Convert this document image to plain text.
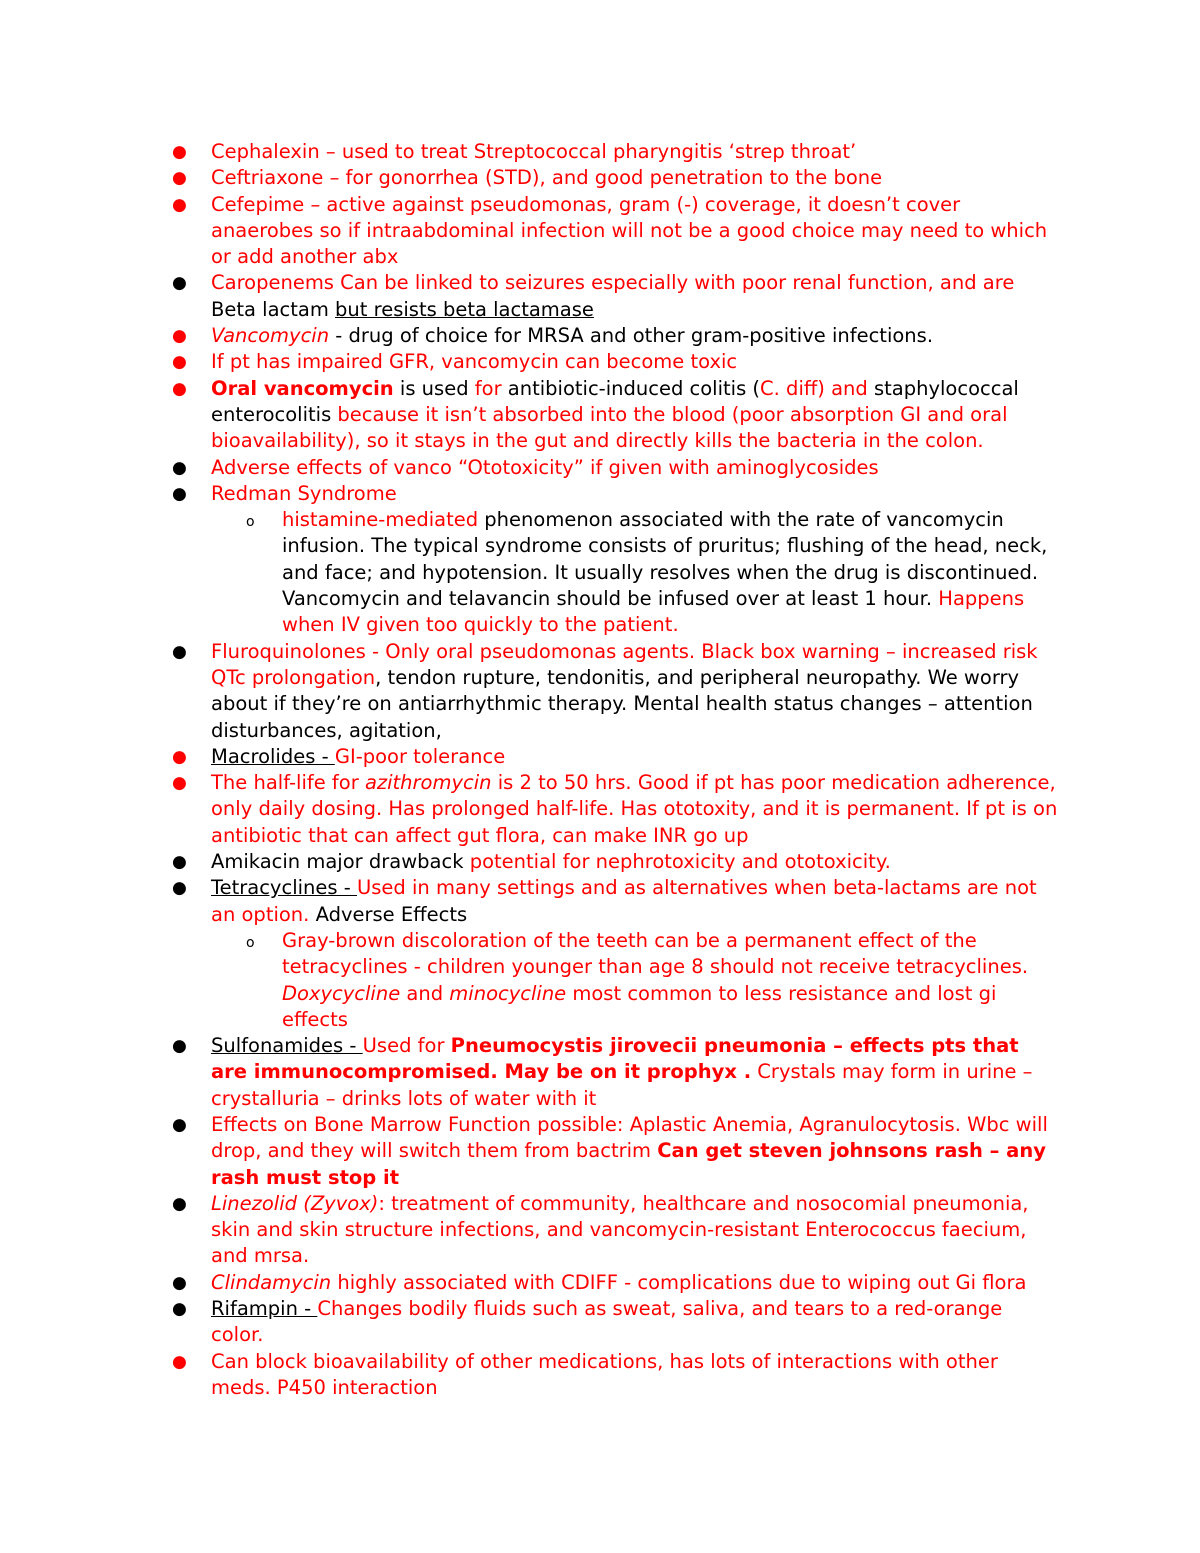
● Cephalexin – used to treat Streptococcal pharyngitis ‘strep throat’
● Ceftriaxone – for gonorrhea (STD), and good penetration to the bone
● Cefepime – active against pseudomonas, gram (-) coverage, it doesn’t cover anaerobes so if intraabdominal infection will not be a good choice may need to which or add another abx
● Caropenems Can be linked to seizures especially with poor renal function, and are Beta lactam but resists beta lactamase
● Vancomycin - drug of choice for MRSA and other gram-positive infections.
● If pt has impaired GFR, vancomycin can become toxic
● Oral vancomycin is used for antibiotic-induced colitis (C. diff) and staphylococcal enterocolitis because it isn’t absorbed into the blood (poor absorption GI and oral bioavailability), so it stays in the gut and directly kills the bacteria in the colon.
● Adverse effects of vanco “Ototoxicity” if given with aminoglycosides
● Redman Syndrome
o histamine-mediated phenomenon associated with the rate of vancomycin infusion. The typical syndrome consists of pruritus; flushing of the head, neck, and face; and hypotension. It usually resolves when the drug is discontinued. Vancomycin and telavancin should be infused over at least 1 hour. Happens when IV given too quickly to the patient.
● Fluroquinolones - Only oral pseudomonas agents. Black box warning – increased risk QTc prolongation, tendon rupture, tendonitis, and peripheral neuropathy. We worry about if they’re on antiarrhythmic therapy. Mental health status changes – attention disturbances, agitation,
● Macrolides - GI-poor tolerance
● The half-life for azithromycin is 2 to 50 hrs. Good if pt has poor medication adherence, only daily dosing. Has prolonged half-life. Has ototoxity, and it is permanent. If pt is on antibiotic that can affect gut flora, can make INR go up
● Amikacin major drawback potential for nephrotoxicity and ototoxicity.
● Tetracyclines - Used in many settings and as alternatives when beta-lactams are not an option. Adverse Effects
o Gray-brown discoloration of the teeth can be a permanent effect of the tetracyclines - children younger than age 8 should not receive tetracyclines. Doxycycline and minocycline most common to less resistance and lost gi effects
● Sulfonamides - Used for Pneumocystis jirovecii pneumonia – effects pts that are immunocompromised. May be on it prophyx . Crystals may form in urine – crystalluria – drinks lots of water with it
● Effects on Bone Marrow Function possible: Aplastic Anemia, Agranulocytosis. Wbc will drop, and they will switch them from bactrim Can get steven johnsons rash – any rash must stop it
● Linezolid (Zyvox): treatment of community, healthcare and nosocomial pneumonia, skin and skin structure infections, and vancomycin-resistant Enterococcus faecium, and mrsa.
● Clindamycin highly associated with CDIFF - complications due to wiping out Gi flora
● Rifampin - Changes bodily fluids such as sweat, saliva, and tears to a red-orange color.
● Can block bioavailability of other medications, has lots of interactions with other meds. P450 interaction
